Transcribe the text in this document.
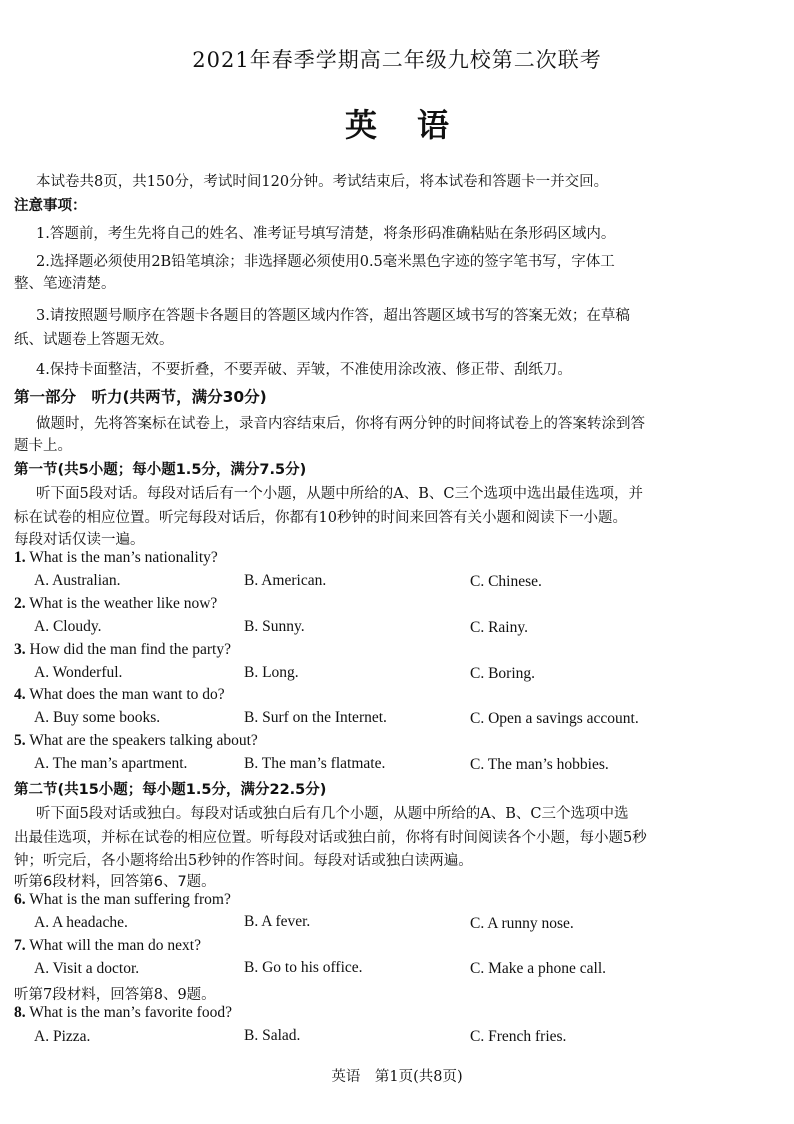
2021年春季学期高二年级九校第二次联考
英语
本试卷共8页，共150分，考试时间120分钟。考试结束后，将本试卷和答题卡一并交回。
注意事项：
1.答题前，考生先将自己的姓名、准考证号填写清楚，将条形码准确粘贴在条形码区域内。
2.选择题必须使用2B铅笔填涂；非选择题必须使用0.5毫米黑色字迹的签字笔书写，字体工
整、笔迹清楚。
3.请按照题号顺序在答题卡各题目的答题区域内作答，超出答题区域书写的答案无效；在草稿
纸、试题卷上答题无效。
4.保持卡面整洁，不要折叠，不要弄破、弄皱，不准使用涂改液、修正带、刮纸刀。
第一部分　听力(共两节，满分30分)
做题时，先将答案标在试卷上，录音内容结束后，你将有两分钟的时间将试卷上的答案转涂到答
题卡上。
第一节(共5小题；每小题1.5分，满分7.5分)
听下面5段对话。每段对话后有一个小题，从题中所给的A、B、C三个选项中选出最佳选项，并
标在试卷的相应位置。听完每段对话后，你都有10秒钟的时间来回答有关小题和阅读下一小题。
每段对话仅读一遍。
1. What is the man’s nationality?
A. Australian.	B. American.	C. Chinese.
2. What is the weather like now?
A. Cloudy.	B. Sunny.	C. Rainy.
3. How did the man find the party?
A. Wonderful.	B. Long.	C. Boring.
4. What does the man want to do?
A. Buy some books.	B. Surf on the Internet.	C. Open a savings account.
5. What are the speakers talking about?
A. The man’s apartment.	B. The man’s flatmate.	C. The man’s hobbies.
第二节(共15小题；每小题1.5分，满分22.5分)
听下面5段对话或独白。每段对话或独白后有几个小题，从题中所给的A、B、C三个选项中选
出最佳选项，并标在试卷的相应位置。听每段对话或独白前，你将有时间阅读各个小题，每小题5秒
钟；听完后，各小题将给出5秒钟的作答时间。每段对话或独白读两遍。
听第6段材料，回答第6、7题。
6. What is the man suffering from?
A. A headache.	B. A fever.	C. A runny nose.
7. What will the man do next?
A. Visit a doctor.	B. Go to his office.	C. Make a phone call.
听第7段材料，回答第8、9题。
8. What is the man’s favorite food?
A. Pizza.	B. Salad.	C. French fries.
英语　第1页(共8页)
